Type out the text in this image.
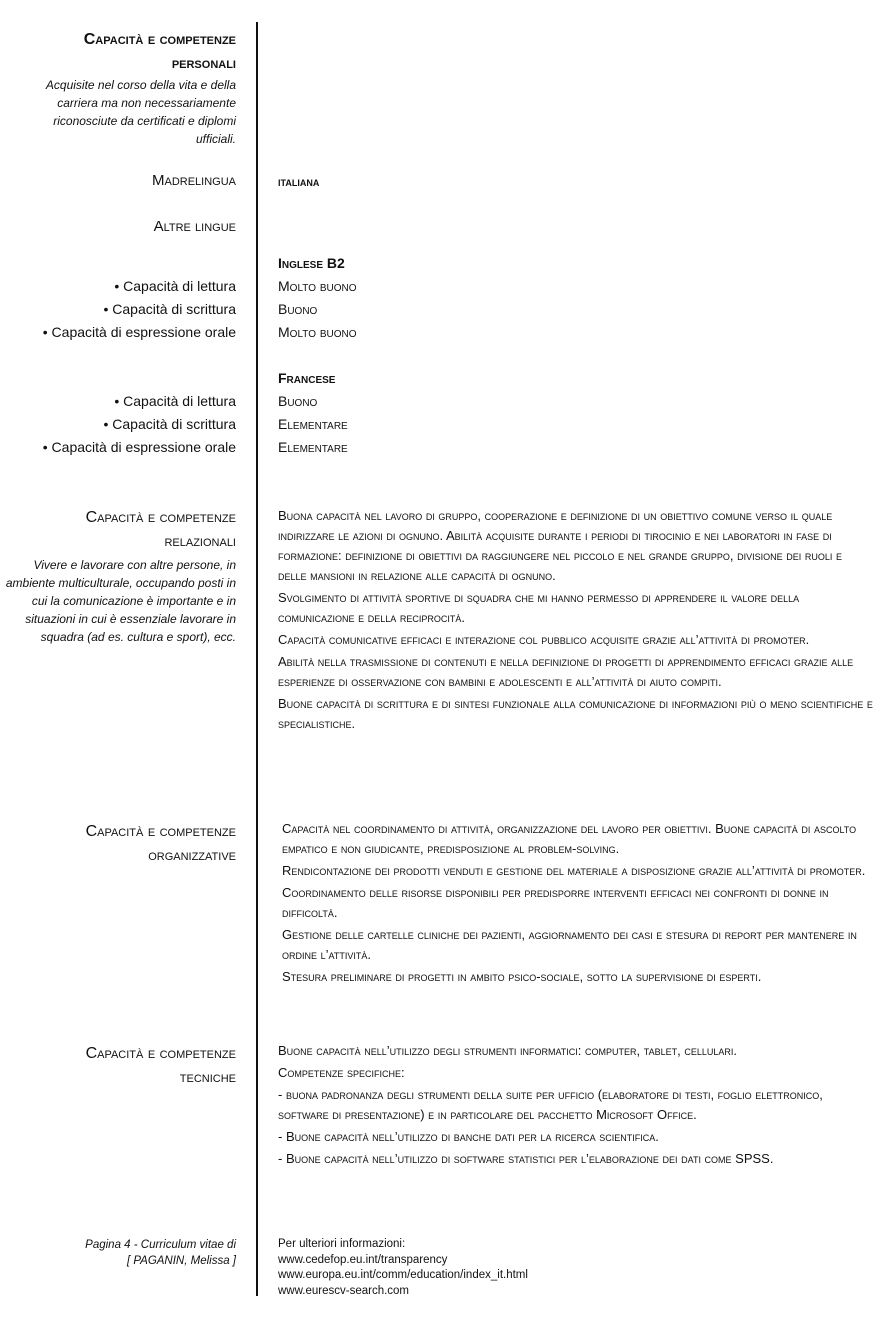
Capacità e competenze
personali
Acquisite nel corso della vita e della carriera ma non necessariamente riconosciute da certificati e diplomi ufficiali.
Madrelingua	italiana
Altre lingue
Inglese B2
• Capacità di lettura	Molto buono
• Capacità di scrittura	Buono
• Capacità di espressione orale	Molto buono
Francese
• Capacità di lettura	Buono
• Capacità di scrittura	Elementare
• Capacità di espressione orale	Elementare
Capacità e competenze
relazionali
Vivere e lavorare con altre persone, in ambiente multiculturale, occupando posti in cui la comunicazione è importante e in situazioni in cui è essenziale lavorare in squadra (ad es. cultura e sport), ecc.

Buona capacità nel lavoro di gruppo, cooperazione e definizione di un obiettivo comune verso il quale indirizzare le azioni di ognuno. Abilità acquisite durante i periodi di tirocinio e nei laboratori in fase di formazione: definizione di obiettivi da raggiungere nel piccolo e nel grande gruppo, divisione dei ruoli e delle mansioni in relazione alle capacità di ognuno.

Svolgimento di attività sportive di squadra che mi hanno permesso di apprendere il valore della comunicazione e della reciprocità.

Capacità comunicative efficaci e interazione col pubblico acquisite grazie all’attività di promoter.

Abilità nella trasmissione di contenuti e nella definizione di progetti di apprendimento efficaci grazie alle esperienze di osservazione con bambini e adolescenti e all’attività di aiuto compiti.

Buone capacità di scrittura e di sintesi funzionale alla comunicazione di informazioni più o meno scientifiche e specialistiche.

Capacità e competenze
organizzative

Capacità nel coordinamento di attività, organizzazione del lavoro per obiettivi. Buone capacità di ascolto empatico e non giudicante, predisposizione al problem-solving.

Rendicontazione dei prodotti venduti e gestione del materiale a disposizione grazie all’attività di promoter.

Coordinamento delle risorse disponibili per predisporre interventi efficaci nei confronti di donne in difficoltà.

Gestione delle cartelle cliniche dei pazienti, aggiornamento dei casi e stesura di report per mantenere in ordine l’attività.

Stesura preliminare di progetti in ambito psico-sociale, sotto la supervisione di esperti.

Capacità e competenze
tecniche

Buone capacità nell’utilizzo degli strumenti informatici: computer, tablet, cellulari.

Competenze specifiche:

- buona padronanza degli strumenti della suite per ufficio (elaboratore di testi, foglio elettronico, software di presentazione) e in particolare del pacchetto Microsoft Office.

- Buone capacità nell’utilizzo di banche dati per la ricerca scientifica.

- Buone capacità nell’utilizzo di software statistici per l’elaborazione dei dati come SPSS.

Pagina 4 - Curriculum vitae di
[ PAGANIN, Melissa ]
Per ulteriori informazioni:
www.cedefop.eu.int/transparency
www.europa.eu.int/comm/education/index_it.html
www.eurescv-search.com
